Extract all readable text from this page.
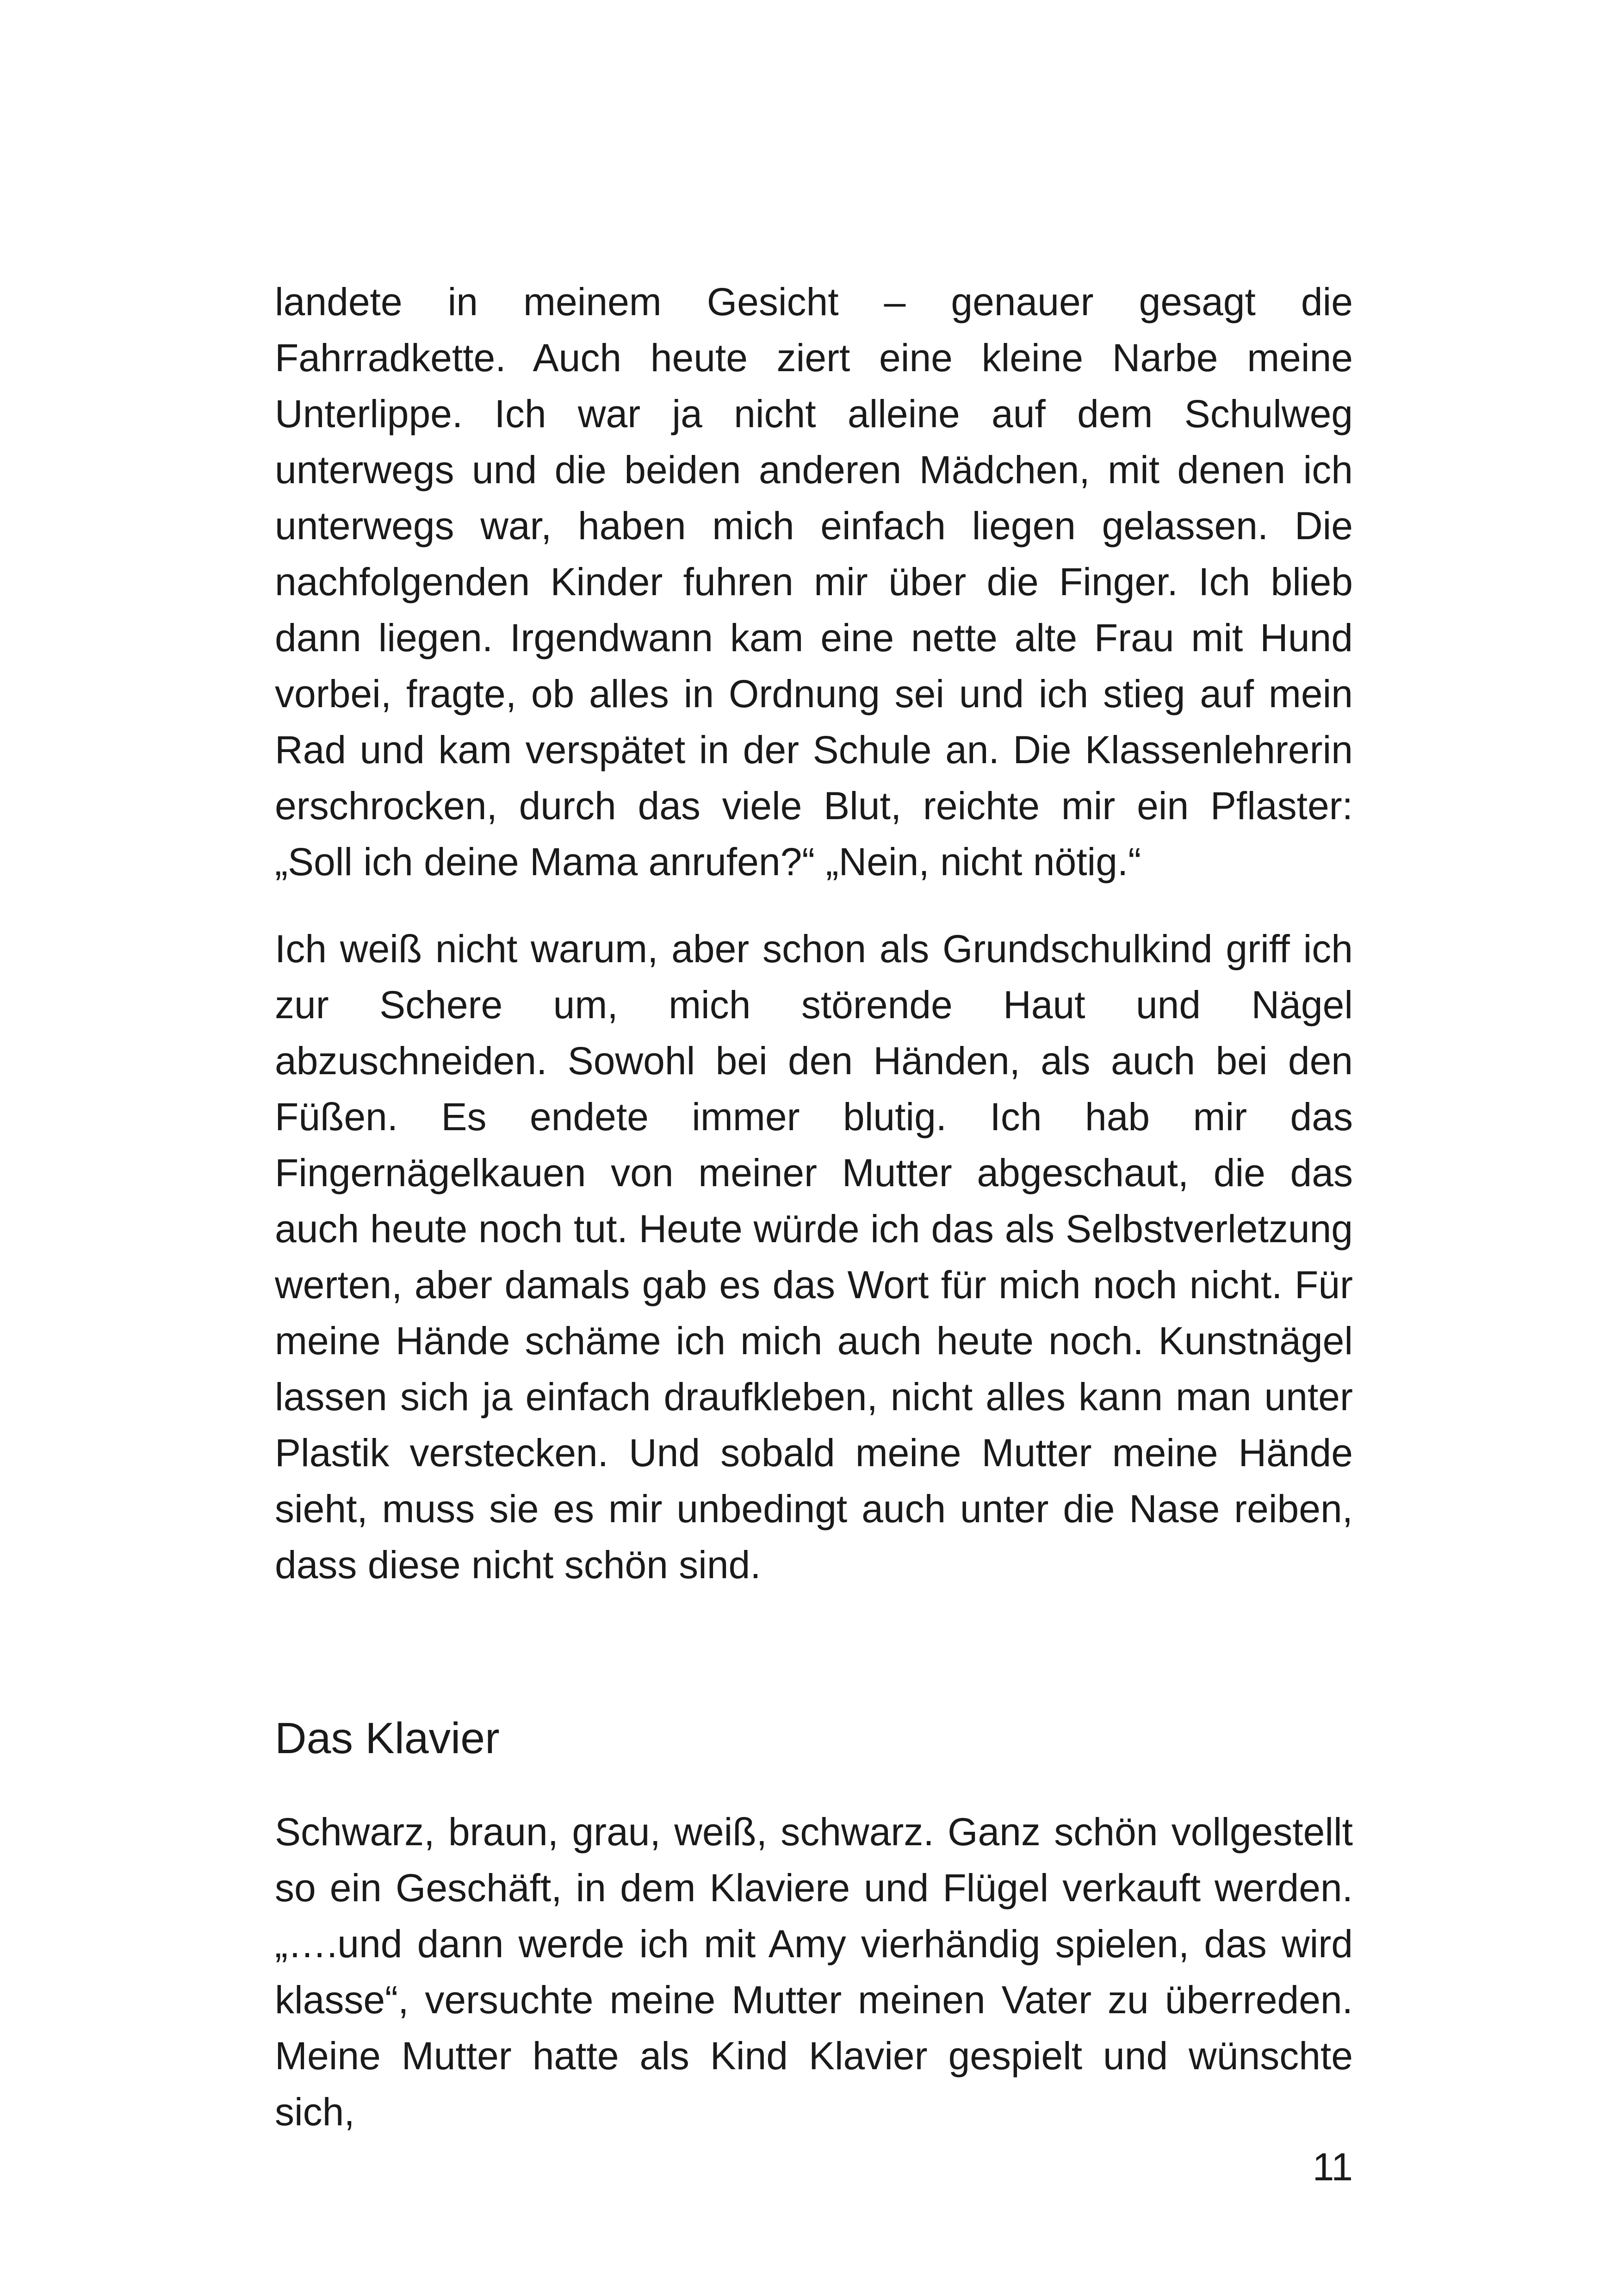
landete in meinem Gesicht – genauer gesagt die Fahrradkette. Auch heute ziert eine kleine Narbe meine Unterlippe. Ich war ja nicht alleine auf dem Schulweg unterwegs und die beiden anderen Mädchen, mit denen ich unterwegs war, haben mich einfach liegen gelassen. Die nachfolgenden Kinder fuhren mir über die Finger. Ich blieb dann liegen. Irgendwann kam eine nette alte Frau mit Hund vorbei, fragte, ob alles in Ordnung sei und ich stieg auf mein Rad und kam verspätet in der Schule an. Die Klassenlehrerin erschrocken, durch das viele Blut, reichte mir ein Pflaster: „Soll ich deine Mama anrufen?“ „Nein, nicht nötig.“

Ich weiß nicht warum, aber schon als Grundschulkind griff ich zur Schere um, mich störende Haut und Nägel abzuschneiden. Sowohl bei den Händen, als auch bei den Füßen. Es endete immer blutig. Ich hab mir das Fingernägelkauen von meiner Mutter abgeschaut, die das auch heute noch tut. Heute würde ich das als Selbstverletzung werten, aber damals gab es das Wort für mich noch nicht. Für meine Hände schäme ich mich auch heute noch. Kunstnägel lassen sich ja einfach draufkleben, nicht alles kann man unter Plastik verstecken. Und sobald meine Mutter meine Hände sieht, muss sie es mir unbedingt auch unter die Nase reiben, dass diese nicht schön sind.

Das Klavier

Schwarz, braun, grau, weiß, schwarz. Ganz schön vollgestellt so ein Geschäft, in dem Klaviere und Flügel verkauft werden. „….und dann werde ich mit Amy vierhändig spielen, das wird klasse“, versuchte meine Mutter meinen Vater zu überreden. Meine Mutter hatte als Kind Klavier gespielt und wünschte sich,

11
